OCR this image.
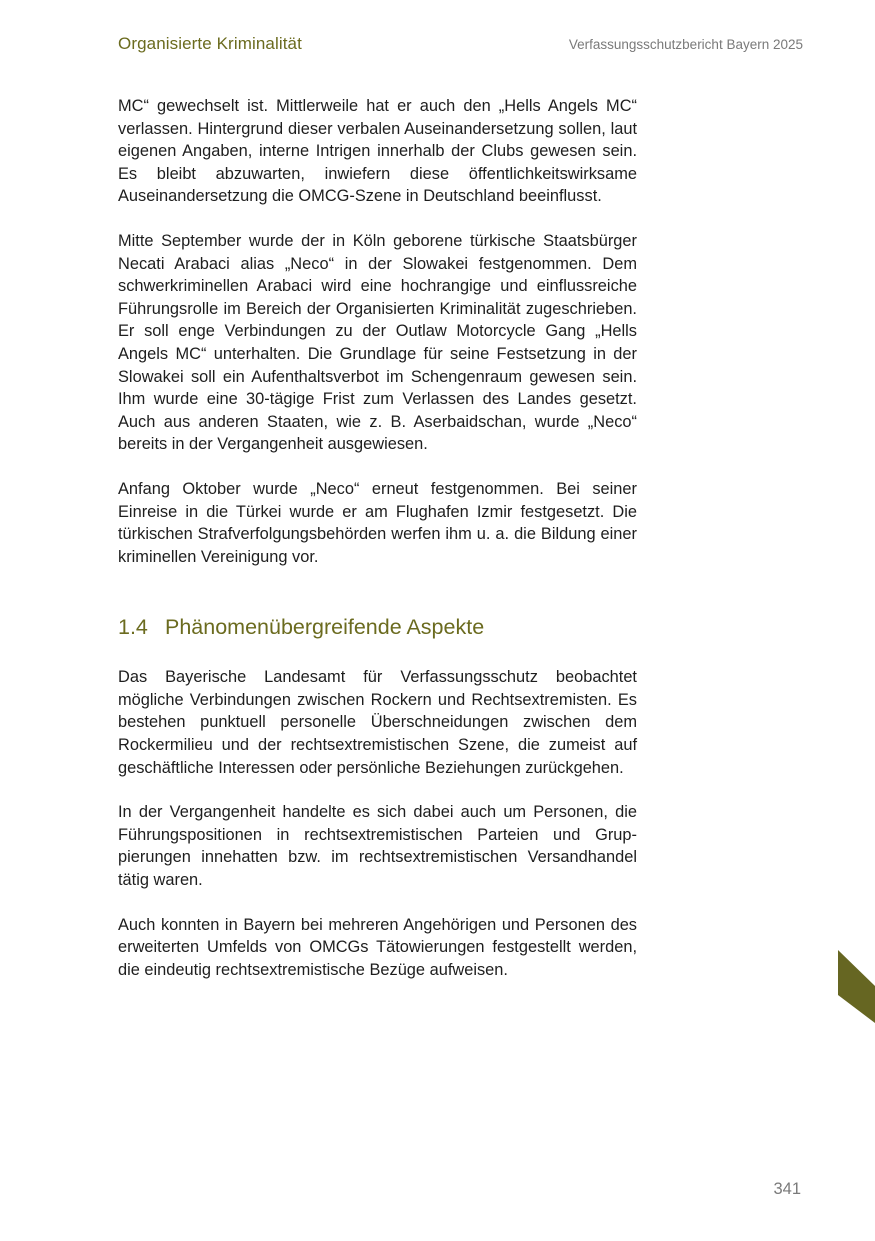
Organisierte Kriminalität	Verfassungsschutzbericht Bayern 2025

MC“ gewechselt ist. Mittlerweile hat er auch den „Hells Angels MC“ verlassen. Hintergrund dieser verbalen Auseinandersetzung sollen, laut eigenen Angaben, interne Intrigen innerhalb der Clubs gewesen sein. Es bleibt abzuwarten, inwiefern diese öffentlichkeitswirksame Auseinandersetzung die OMCG-Szene in Deutschland beeinflusst.

Mitte September wurde der in Köln geborene türkische Staatsbürger Necati Arabaci alias „Neco“ in der Slowakei festgenommen. Dem schwerkriminellen Arabaci wird eine hochrangige und einflussreiche Führungsrolle im Bereich der Organisierten Kriminalität zugeschrieben. Er soll enge Verbindungen zu der Outlaw Motorcycle Gang „Hells Angels MC“ unterhalten. Die Grundlage für seine Festsetzung in der Slowakei soll ein Aufenthaltsverbot im Schengenraum gewesen sein. Ihm wurde eine 30-tägige Frist zum Verlassen des Landes gesetzt. Auch aus anderen Staaten, wie z. B. Aserbaidschan, wurde „Neco“ bereits in der Vergangenheit ausgewiesen.

Anfang Oktober wurde „Neco“ erneut festgenommen. Bei seiner Einreise in die Türkei wurde er am Flughafen Izmir festgesetzt. Die türkischen Strafverfolgungsbehörden werfen ihm u. a. die Bildung einer kriminellen Vereinigung vor.

1.4 Phänomenübergreifende Aspekte

Das Bayerische Landesamt für Verfassungsschutz beobachtet mögliche Verbindungen zwischen Rockern und Rechtsextremisten. Es bestehen punktuell personelle Überschneidungen zwischen dem Rockermilieu und der rechtsextremistischen Szene, die zumeist auf geschäftliche Interessen oder persönliche Beziehungen zurückgehen.

In der Vergangenheit handelte es sich dabei auch um Personen, die Führungspositionen in rechtsextremistischen Parteien und Gruppierungen innehatten bzw. im rechtsextremistischen Versandhandel tätig waren.

Auch konnten in Bayern bei mehreren Angehörigen und Personen des erweiterten Umfelds von OMCGs Tätowierungen festgestellt werden, die eindeutig rechtsextremistische Bezüge aufweisen.

341
